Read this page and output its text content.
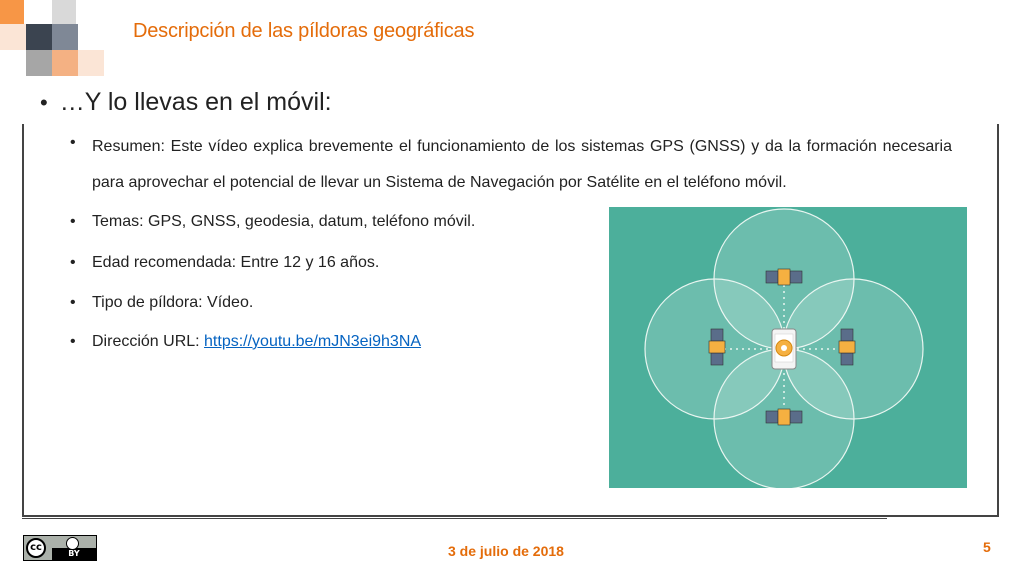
Descripción de las píldoras geográficas
• …Y lo llevas en el móvil:
•	Resumen: Este vídeo explica brevemente el funcionamiento de los sistemas GPS (GNSS) y da la formación necesaria para aprovechar el potencial de llevar un Sistema de Navegación por Satélite en el teléfono móvil.
•	Temas: GPS, GNSS, geodesia, datum, teléfono móvil.
•	Edad recomendada: Entre 12 y 16 años.
•	Tipo de píldora: Vídeo.
•	Dirección URL: https://youtu.be/mJN3ei9h3NA
cc
BY	3 de julio de 2018	5
